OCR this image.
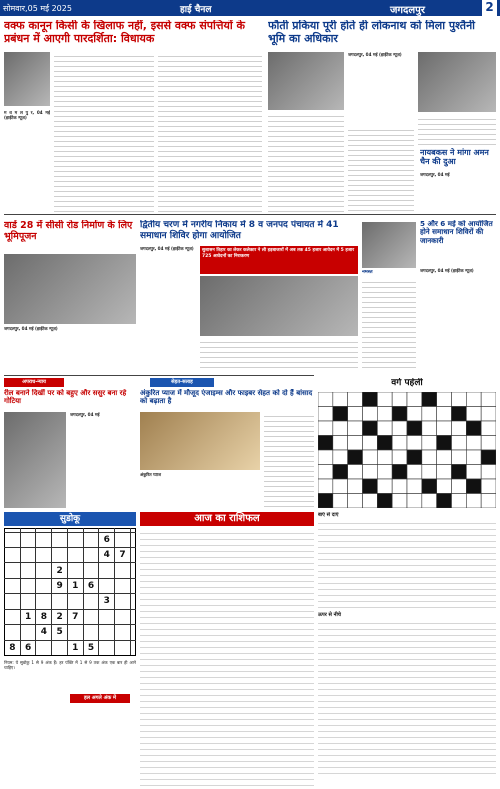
सोमवार,05 मई 2025	हाई चैनल	जगदलपुर	2
वक्फ कानून किसी के खिलाफ नहीं, इससे वक्फ संपत्तियों के प्रबंधन में आएगी पारदर्शिता: विधायक
म ध म ल पु र, 04 मई (हाईटेक न्यूज़)
फौती प्रकिया पूरी होते ही लोकनाथ को मिला पुश्तैनी भूमि का अधिकार
जगदलपुर, 04 मई (हाईटेक न्यूज़)
नायबकस ने मांगा अमन चैन की दुआ
जगदलपुर, 04 मई
वार्ड 28 में सीसी रोड निर्माण के लिए भूमिपूजन
जगदलपुर, 04 मई (हाईटेक न्यूज़)
द्वितीय चरण में नगरीय निकाय में 8 व जनपद पंचायत में 41 समाधान शिविर होगा आयोजित
जगदलपुर, 04 मई (हाईटेक न्यूज़)	सुशासन तिहार का लेकर कलेक्टर ने ली हड़बाजारों में अब तक 45 हजार आवेदन में 5 हजार 725 आवेदनों का निराकरण
नमस्ते
5 और 6 मई को आयोजित होने समाधान शिविरों की जानकारी
जगदलपुर, 04 मई (हाईटेक न्यूज़)
अपराध-न्याय
रील बनाने दिखीं पर को बहुए और ससुर बना रहे गोटिया
जगदलपुर, 04 मई
सेहत-सलाह
अंकुरित प्याज में मौजूद एंजाइम्स और फाइबर सेहत को दो हैं बांसाद को बढ़ाता है
अंकुरित प्याज
वर्ग पहेली
सुडोकू

						6		
						4	7	
			2					
			9	1	6			
						3		
	1	8	2	7				
		4	5					
8	6			1	5			
नियम: ये सुडोकु 1 से 9 अंक हैं। हर पंक्ति में 1 से 9 तक अंक एक बार ही आने चाहिए।
हल अगले अंक में
आज का राशिफल	बाएं से दाएं
ऊपर से नीचे
